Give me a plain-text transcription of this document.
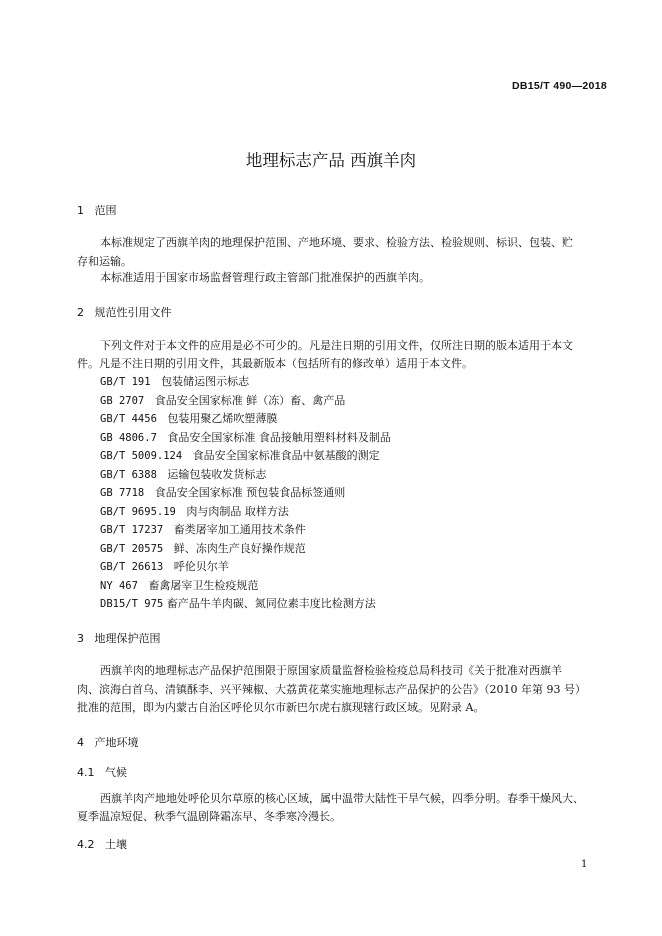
DB15/T 490—2018
地理标志产品 西旗羊肉
1 范围
本标准规定了西旗羊肉的地理保护范围、产地环境、要求、检验方法、检验规则、标识、包装、贮
存和运输。
本标准适用于国家市场监督管理行政主管部门批准保护的西旗羊肉。
2 规范性引用文件
下列文件对于本文件的应用是必不可少的。凡是注日期的引用文件，仅所注日期的版本适用于本文
件。凡是不注日期的引用文件，其最新版本（包括所有的修改单）适用于本文件。
GB/T 191 包装储运图示标志
GB 2707 食品安全国家标准 鲜（冻）畜、禽产品
GB/T 4456 包装用聚乙烯吹塑薄膜
GB 4806.7 食品安全国家标准 食品接触用塑料材料及制品
GB/T 5009.124 食品安全国家标准食品中氨基酸的测定
GB/T 6388 运输包装收发货标志
GB 7718 食品安全国家标准 预包装食品标签通则
GB/T 9695.19 肉与肉制品 取样方法
GB/T 17237 畜类屠宰加工通用技术条件
GB/T 20575 鲜、冻肉生产良好操作规范
GB/T 26613 呼伦贝尔羊
NY 467 畜禽屠宰卫生检疫规范
DB15/T 975 畜产品牛羊肉碳、氮同位素丰度比检测方法
3 地理保护范围
西旗羊肉的地理标志产品保护范围限于原国家质量监督检验检疫总局科技司《关于批准对西旗羊
肉、滨海白首乌、清镇酥李、兴平辣椒、大荔黄花菜实施地理标志产品保护的公告》（2010 年第 93 号）
批准的范围，即为内蒙古自治区呼伦贝尔市新巴尔虎右旗现辖行政区域。见附录 A。
4 产地环境
4.1 气候
西旗羊肉产地地处呼伦贝尔草原的核心区域，属中温带大陆性干旱气候，四季分明。春季干燥风大、
夏季温凉短促、秋季气温剧降霜冻早、冬季寒冷漫长。
4.2 土壤
1
